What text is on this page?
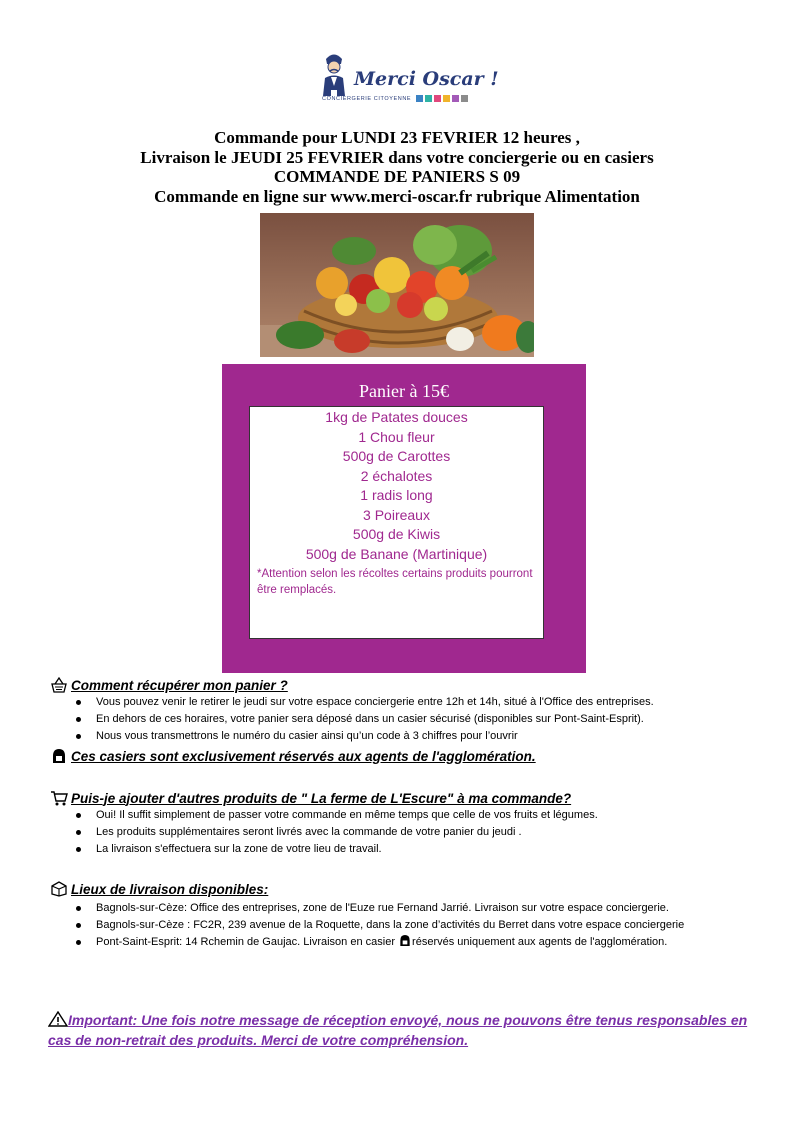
Merci Oscar !
CONCIERGERIE CITOYENNE
Commande pour LUNDI 23 FEVRIER 12 heures ,
Livraison le JEUDI 25 FEVRIER dans votre conciergerie ou en casiers
COMMANDE DE PANIERS S 09
Commande en ligne sur www.merci-oscar.fr rubrique Alimentation
Panier à 15€
1kg de Patates douces
1 Chou fleur
500g de Carottes
2 échalotes
1 radis long
3 Poireaux
500g de Kiwis
500g de Banane (Martinique)
*Attention selon les récoltes certains produits pourront être remplacés.
Comment récupérer mon panier ?
Vous pouvez venir le retirer le jeudi sur votre espace conciergerie entre 12h et 14h, situé à l'Office des entreprises.
En dehors de ces horaires, votre panier sera déposé dans un casier sécurisé (disponibles sur Pont-Saint-Esprit).
Nous vous transmettrons le numéro du casier ainsi qu’un code à 3 chiffres pour l’ouvrir
Ces casiers sont exclusivement réservés aux agents de l'agglomération.
Puis-je ajouter d'autres produits de " La ferme de L'Escure" à ma commande?
Oui! Il suffit simplement de passer votre commande en même temps que celle de vos fruits et légumes.
Les produits supplémentaires seront livrés avec la commande de votre panier du jeudi .
La livraison s'effectuera sur la zone de votre lieu de travail.
Lieux de livraison disponibles:
Bagnols-sur-Cèze: Office des entreprises, zone de l'Euze rue Fernand Jarrié. Livraison sur votre espace conciergerie.
Bagnols-sur-Cèze : FC2R, 239 avenue de la Roquette, dans la zone d’activités du Berret dans votre espace conciergerie
Pont-Saint-Esprit: 14 Rchemin de Gaujac. Livraison en casier réservés uniquement aux agents de l'agglomération.
Important: Une fois notre message de réception envoyé, nous ne pouvons être tenus responsables en cas de non-retrait des produits. Merci de votre compréhension.
